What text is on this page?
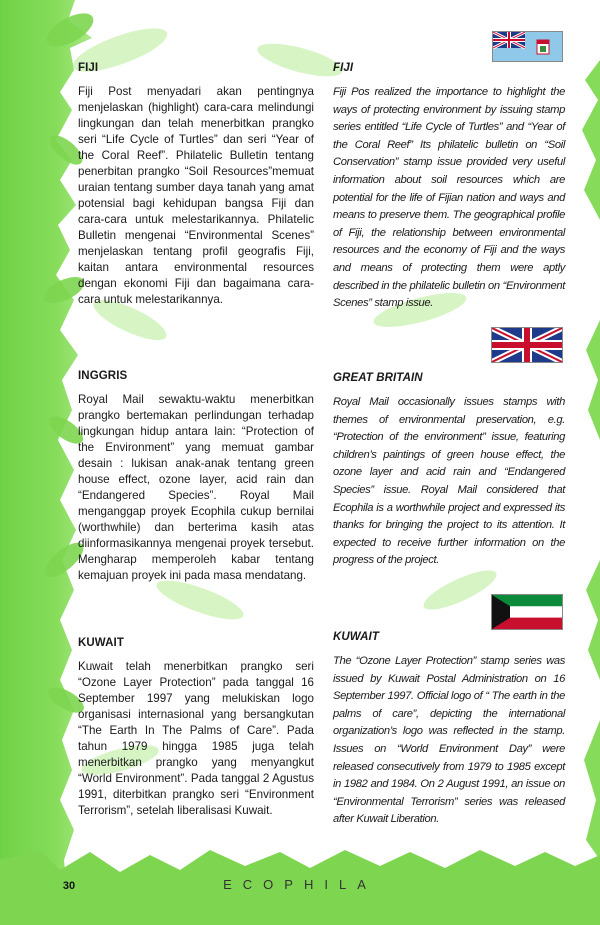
FIJI

Fiji Post menyadari akan pentingnya menjelaskan (highlight) cara-cara melindungi lingkungan dan telah menerbitkan prangko seri “Life Cycle of Turtles” dan seri “Year of the Coral Reef”. Philatelic Bulletin tentang penerbitan prangko “Soil Resources”memuat uraian tentang sumber daya tanah yang amat potensial bagi kehidupan bangsa Fiji dan cara-cara untuk melestarikannya. Philatelic Bulletin mengenai “Environmental Scenes” menjelaskan tentang profil geografis Fiji, kaitan antara environmental resources dengan ekonomi Fiji dan bagaimana cara-cara untuk melestarikannya.

FIJI

Fiji Pos realized the importance to highlight the ways of protecting environment by issuing stamp series entitled “Life Cycle of Turtles” and “Year of the Coral Reef” Its philatelic bulletin on “Soil Conservation” stamp issue provided very useful information about soil resources which are potential for the life of Fijian nation and ways and means to preserve them. The geographical profile of Fiji, the relationship between environmental resources and the economy of Fiji and the ways and means of protecting them were aptly described in the philatelic bulletin on “Environment Scenes” stamp issue.

INGGRIS

Royal Mail sewaktu-waktu menerbitkan prangko bertemakan perlindungan terhadap lingkungan hidup antara lain: “Protection of the Environment” yang memuat gambar desain : lukisan anak-anak tentang green house effect, ozone layer, acid rain dan “Endangered Species”. Royal Mail menganggap proyek Ecophila cukup bernilai (worthwhile) dan berterima kasih atas diinformasikannya mengenai proyek tersebut. Mengharap memperoleh kabar tentang kemajuan proyek ini pada masa mendatang.

GREAT BRITAIN

Royal Mail occasionally issues stamps with themes of environmental preservation, e.g. “Protection of the environment” issue, featuring children’s paintings of green house effect, the ozone layer and acid rain and “Endangered Species” issue. Royal Mail considered that Ecophila is a worthwhile project and expressed its thanks for bringing the project to its attention. It expected to receive further information on the progress of the project.

KUWAIT

Kuwait telah menerbitkan prangko seri “Ozone Layer Protection” pada tanggal 16 September 1997 yang melukiskan logo organisasi internasional yang bersangkutan “The Earth In The Palms of Care”. Pada tahun 1979 hingga 1985 juga telah menerbitkan prangko yang menyangkut “World Environment”. Pada tanggal 2 Agustus 1991, diterbitkan prangko seri “Environment Terrorism”, setelah liberalisasi Kuwait.

KUWAIT

The “Ozone Layer Protection” stamp series was issued by Kuwait Postal Administration on 16 September 1997. Official logo of “ The earth in the palms of care”, depicting the international organization’s logo was reflected in the stamp. Issues on “World Environment Day” were released consecutively from 1979 to 1985 except in 1982 and 1984. On 2 August 1991, an issue on “Environmental Terrorism” series was released after Kuwait Liberation.

30	ECOPHILA
